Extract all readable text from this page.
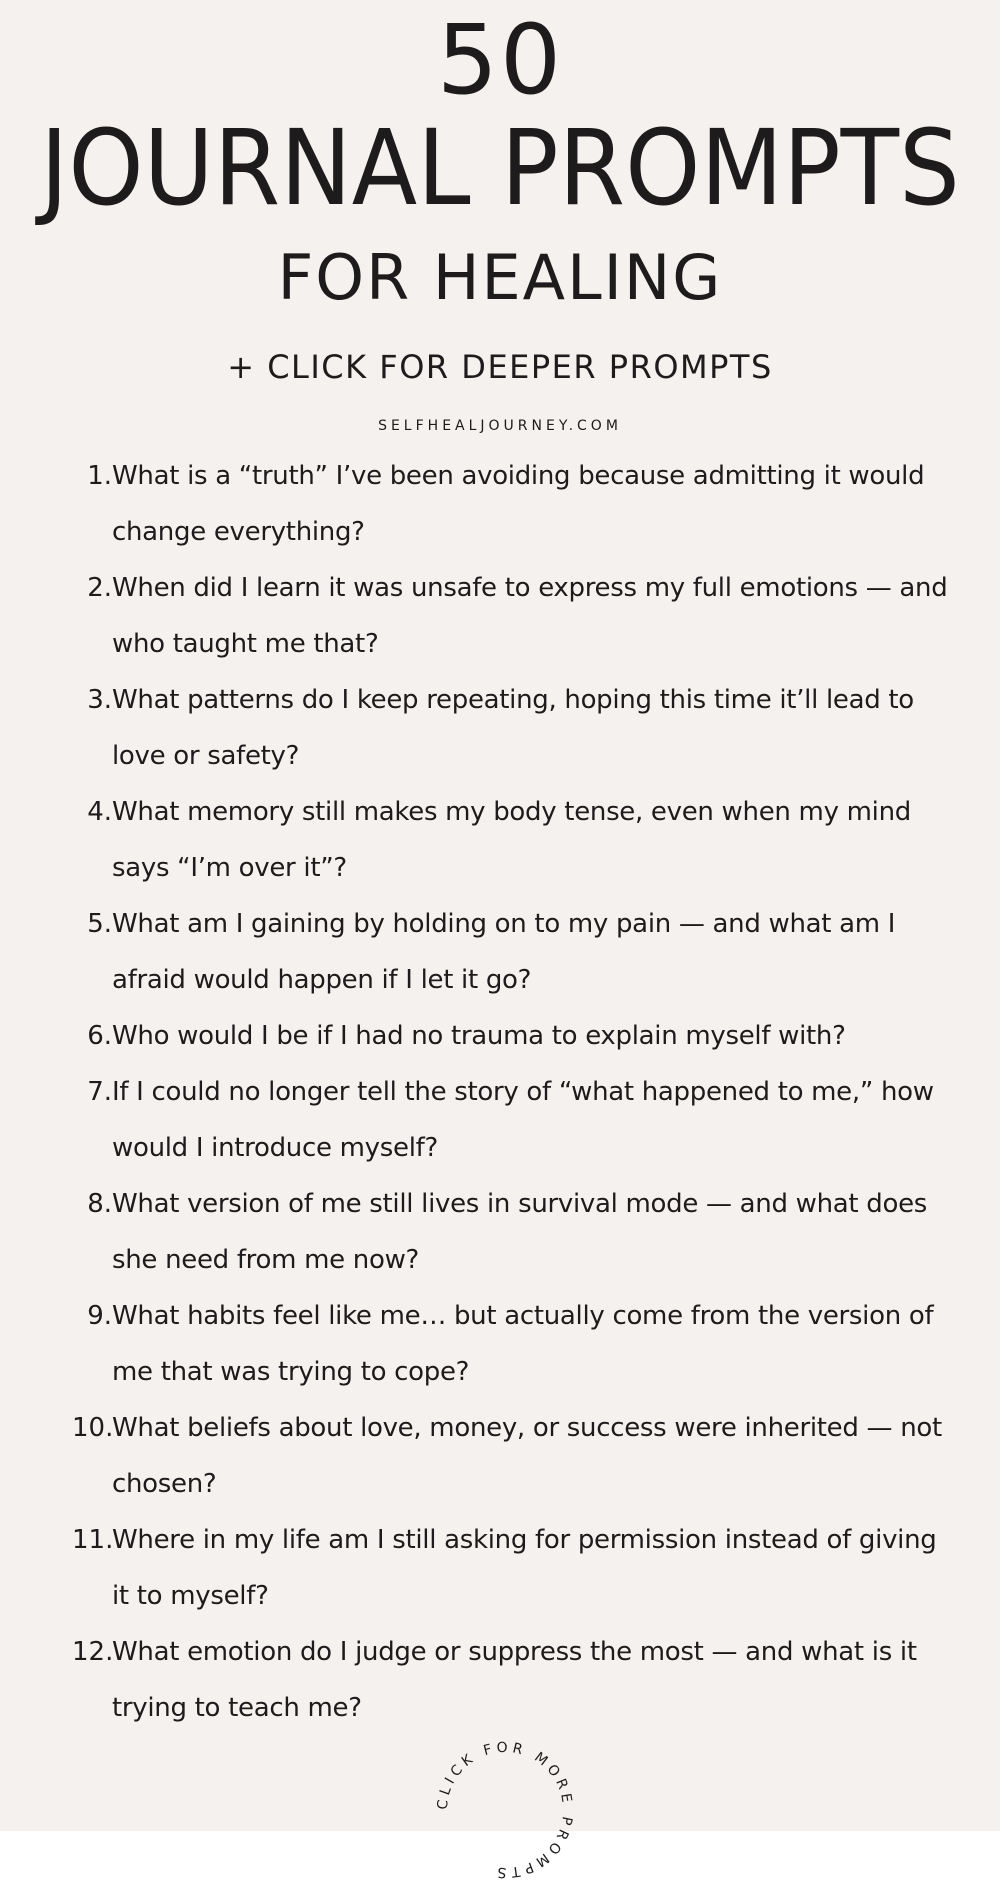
50
JOURNAL PROMPTS
FOR HEALING
+ CLICK FOR DEEPER PROMPTS
SELFHEALJOURNEY.COM
1. What is a “truth” I’ve been avoiding because admitting it would change everything?
2. When did I learn it was unsafe to express my full emotions — and who taught me that?
3. What patterns do I keep repeating, hoping this time it’ll lead to love or safety?
4. What memory still makes my body tense, even when my mind says “I’m over it”?
5. What am I gaining by holding on to my pain — and what am I afraid would happen if I let it go?
6. Who would I be if I had no trauma to explain myself with?
7. If I could no longer tell the story of “what happened to me,” how would I introduce myself?
8. What version of me still lives in survival mode — and what does she need from me now?
9. What habits feel like me… but actually come from the version of me that was trying to cope?
10.
What beliefs about love, money, or success were inherited — not chosen?
11.
Where in my life am I still asking for permission instead of giving it to myself?
12.
What emotion do I judge or suppress the most — and what is it trying to teach me?
CLICK FOR MORE PROMPTS
